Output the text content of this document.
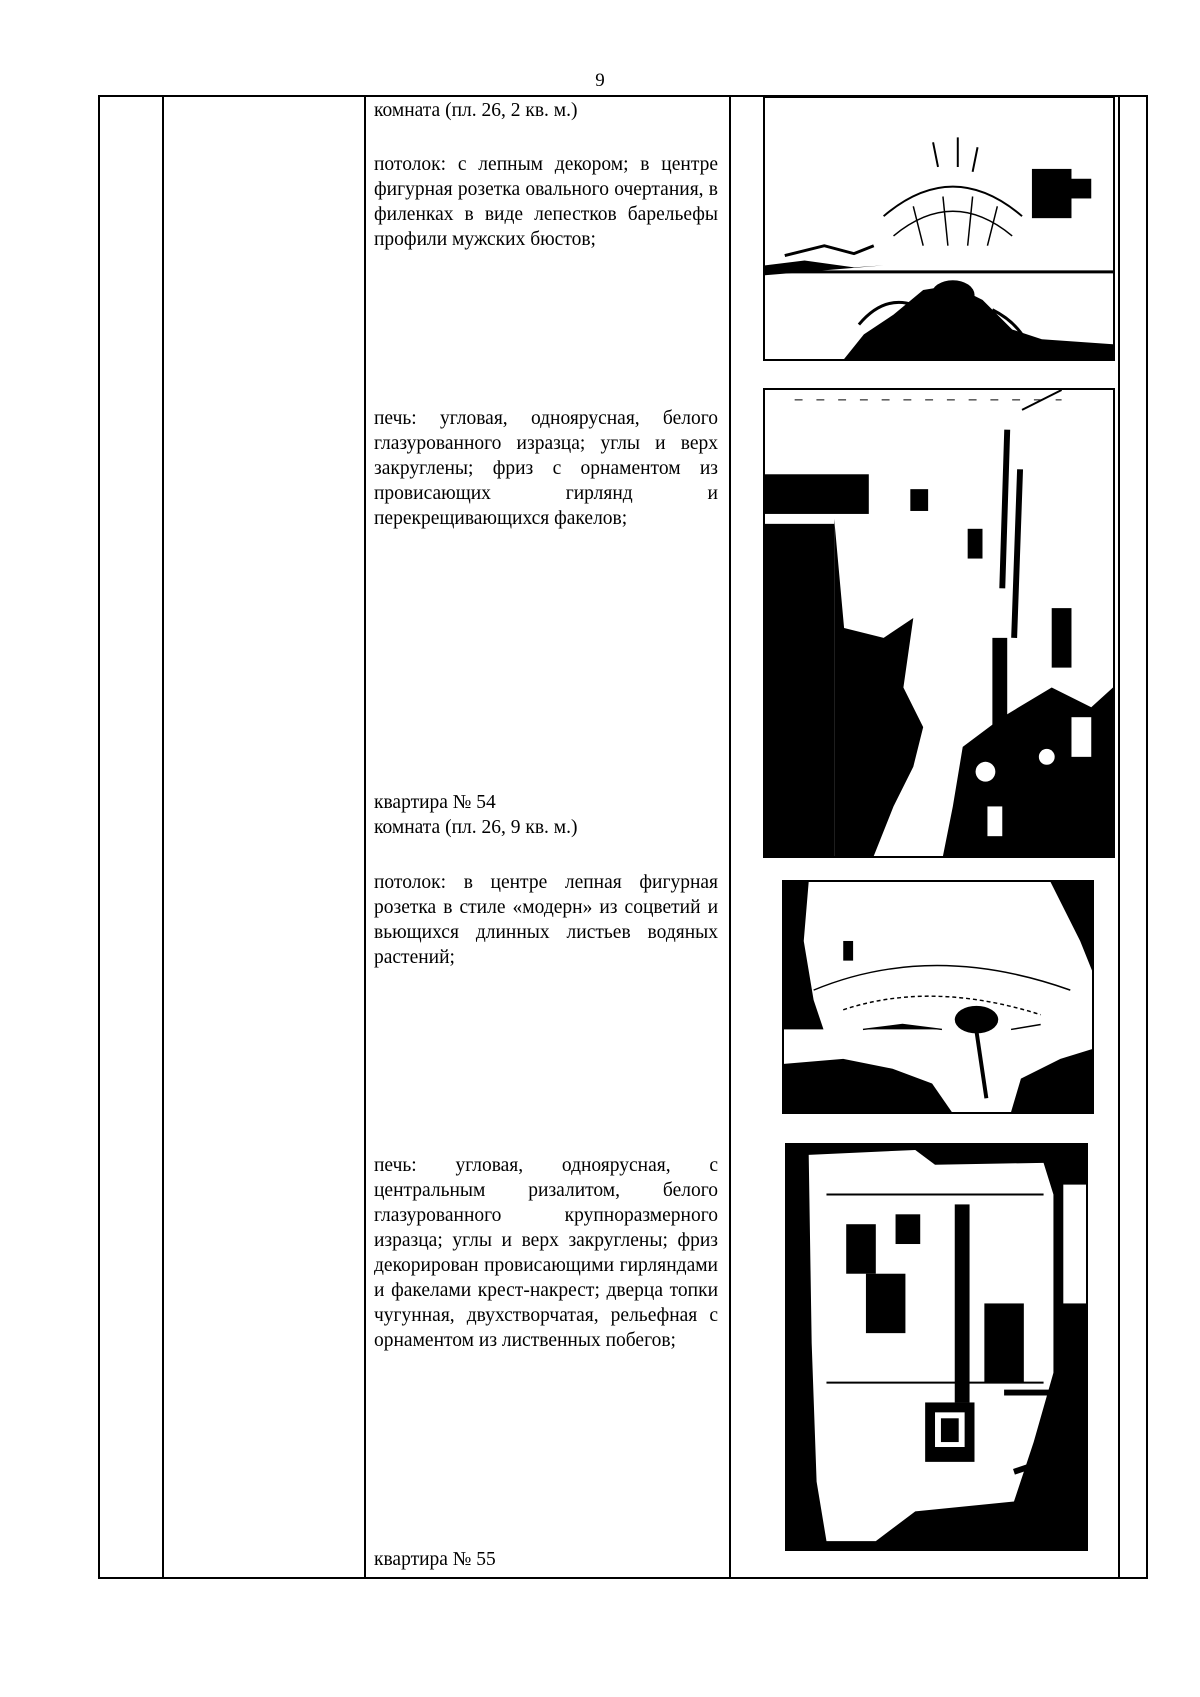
9
комната (пл. 26, 2 кв. м.)
потолок: с лепным декором; в центре фигурная розетка овального очертания, в филенках в виде лепестков барельефы профили мужских бюстов;
печь: угловая, одноярусная, белого глазурованного изразца; углы и верх закруглены; фриз с орнаментом из провисающих гирлянд и перекрещивающихся факелов;
квартира № 54
комната (пл. 26, 9 кв. м.)
потолок: в центре лепная фигурная розетка в стиле «модерн» из соцветий и вьющихся длинных листьев водяных растений;
печь: угловая, одноярусная, с центральным ризалитом, белого глазурованного крупноразмерного изразца; углы и верх закруглены; фриз декорирован провисающими гирляндами и факелами крест-накрест; дверца топки чугунная, двухстворчатая, рельефная с орнаментом из лиственных побегов;
квартира № 55
